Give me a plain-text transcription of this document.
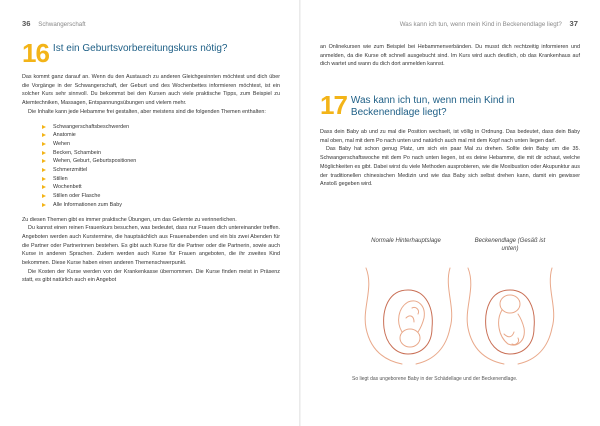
36 Schwangerschaft
16 Ist ein Geburtsvorbereitungskurs nötig?

Das kommt ganz darauf an. Wenn du den Austausch zu anderen Gleichgesinnten möchtest und dich über die Vorgänge in der Schwangerschaft, der Geburt und des Wochenbettes informieren möchtest, ist ein solcher Kurs sehr sinnvoll. Du bekommst bei den Kursen auch viele praktische Tipps, zum Beispiel zu Atemtechniken, Massagen, Entspannungsübungen und vielem mehr.

Die Inhalte kann jede Hebamme frei gestalten, aber meistens sind die folgenden Themen enthalten:

Schwangerschaftsbeschwerden
Anatomie
Wehen
Becken, Schambein
Wehen, Geburt, Geburtspositionen
Schmerzmittel
Stillen
Wochenbett
Stillen oder Flasche
Alle Informationen zum Baby

Zu diesen Themen gibt es immer praktische Übungen, um das Gelernte zu verinnerlichen.

Du kannst einen reinen Frauenkurs besuchen, was bedeutet, dass nur Frauen dich untereinander treffen. Angeboten werden auch Kurstermine, die hauptsächlich aus Frauenabenden und ein bis zwei Abenden für die Partner oder Partnerinnen bestehen. Es gibt auch Kurse für die Partner oder die Partnerin, sowie auch Kurse in anderen Sprachen. Zudem werden auch Kurse für Frauen angeboten, die ihr zweites Kind bekommen. Diese Kurse haben einen anderen Themenschwerpunkt.

Die Kosten der Kurse werden von der Krankenkasse übernommen. Die Kurse finden meist in Präsenz statt, es gibt natürlich auch ein Angebot

Was kann ich tun, wenn mein Kind in Beckenendlage liegt? 37

an Onlinekursen wie zum Beispiel bei Hebammenverbänden. Du musst dich rechtzeitig informieren und anmelden, da die Kurse oft schnell ausgebucht sind. Im Kurs wird auch deutlich, ob das Krankenhaus auf dich wartet und wann du dich dort anmelden kannst.

17 Was kann ich tun, wenn mein Kind in Beckenendlage liegt?

Dass dein Baby ab und zu mal die Position wechselt, ist völlig in Ordnung. Das bedeutet, dass dein Baby mal oben, mal mit dem Po nach unten und natürlich auch mal mit dem Kopf nach unten liegen darf.

Das Baby hat schon genug Platz, um sich ein paar Mal zu drehen. Sollte dein Baby um die 35. Schwangerschaftswoche mit dem Po nach unten liegen, ist es deine Hebamme, die mit dir schaut, welche Möglichkeiten es gibt. Dabei wirst du viele Methoden ausprobieren, wie die Moxibustion oder Akupunktur aus der traditionellen chinesischen Medizin und wie das Baby sich selbst drehen kann, damit ein gewisser Anstoß gegeben wird.

Normale Hinterhauptslage	Beckenendlage (Gesäß ist unten)
So liegt das ungeborene Baby in der Schädellage und der Beckenendlage.
